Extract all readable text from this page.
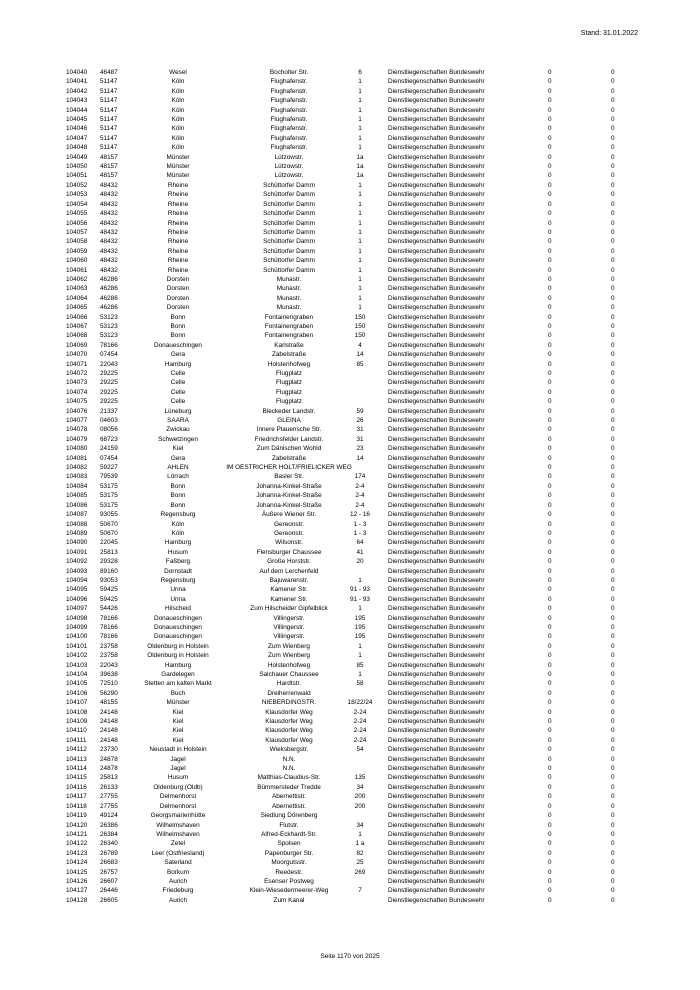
Stand: 31.01.2022
104040 46487	Wesel	Bocholter Str.	6	Dienstliegenschaften Bundeswehr	0	0
104041 51147	Köln	Flughafenstr.	1	Dienstliegenschaften Bundeswehr	0	0
104042 51147	Köln	Flughafenstr.	1	Dienstliegenschaften Bundeswehr	0	0
104043 51147	Köln	Flughafenstr.	1	Dienstliegenschaften Bundeswehr	0	0
104044 51147	Köln	Flughafenstr.	1	Dienstliegenschaften Bundeswehr	0	0
104045 51147	Köln	Flughafenstr.	1	Dienstliegenschaften Bundeswehr	0	0
104046 51147	Köln	Flughafenstr.	1	Dienstliegenschaften Bundeswehr	0	0
104047 51147	Köln	Flughafenstr.	1	Dienstliegenschaften Bundeswehr	0	0
104048 51147	Köln	Flughafenstr.	1	Dienstliegenschaften Bundeswehr	0	0
104049 48157	Münster	Lützowstr.	1a	Dienstliegenschaften Bundeswehr	0	0
104050 48157	Münster	Lützowstr.	1a	Dienstliegenschaften Bundeswehr	0	0
104051 48157	Münster	Lützowstr.	1a	Dienstliegenschaften Bundeswehr	0	0
104052 48432	Rheine	Schüttorfer Damm	1	Dienstliegenschaften Bundeswehr	0	0
104053 48432	Rheine	Schüttorfer Damm	1	Dienstliegenschaften Bundeswehr	0	0
104054 48432	Rheine	Schüttorfer Damm	1	Dienstliegenschaften Bundeswehr	0	0
104055 48432	Rheine	Schüttorfer Damm	1	Dienstliegenschaften Bundeswehr	0	0
104056 48432	Rheine	Schüttorfer Damm	1	Dienstliegenschaften Bundeswehr	0	0
104057 48432	Rheine	Schüttorfer Damm	1	Dienstliegenschaften Bundeswehr	0	0
104058 48432	Rheine	Schüttorfer Damm	1	Dienstliegenschaften Bundeswehr	0	0
104059 48432	Rheine	Schüttorfer Damm	1	Dienstliegenschaften Bundeswehr	0	0
104060 48432	Rheine	Schüttorfer Damm	1	Dienstliegenschaften Bundeswehr	0	0
104061 48432	Rheine	Schüttorfer Damm	1	Dienstliegenschaften Bundeswehr	0	0
104062 46286	Dorsten	Munastr.	1	Dienstliegenschaften Bundeswehr	0	0
104063 46286	Dorsten	Munastr.	1	Dienstliegenschaften Bundeswehr	0	0
104064 46286	Dorsten	Munastr.	1	Dienstliegenschaften Bundeswehr	0	0
104065 46286	Dorsten	Munastr.	1	Dienstliegenschaften Bundeswehr	0	0
104066 53123	Bonn	Fontainengraben	150	Dienstliegenschaften Bundeswehr	0	0
104067 53123	Bonn	Fontainengraben	150	Dienstliegenschaften Bundeswehr	0	0
104068 53123	Bonn	Fontainengraben	150	Dienstliegenschaften Bundeswehr	0	0
104069 78166	Donaueschingen	Karlstraße	4	Dienstliegenschaften Bundeswehr	0	0
104070 07454	Gera	Zabelstraße	14	Dienstliegenschaften Bundeswehr	0	0
104071 22043	Hamburg	Holstenhofweg	85	Dienstliegenschaften Bundeswehr	0	0
104072 29225	Celle	Flugplatz	Dienstliegenschaften Bundeswehr	0	0
104073 29225	Celle	Flugplatz	Dienstliegenschaften Bundeswehr	0	0
104074 29225	Celle	Flugplatz	Dienstliegenschaften Bundeswehr	0	0
104075 29225	Celle	Flugplatz	Dienstliegenschaften Bundeswehr	0	0
104076 21337	Lüneburg	Bleckeder Landstr.	59	Dienstliegenschaften Bundeswehr	0	0
104077 04603	SAARA	GLEINA	26	Dienstliegenschaften Bundeswehr	0	0
104078 08056	Zwickau	Innere Plauensche Str.	31	Dienstliegenschaften Bundeswehr	0	0
104079 68723	Schwetzingen	Friedrichsfelder Landstr.	31	Dienstliegenschaften Bundeswehr	0	0
104080 24159	Kiel	Zum Dänischen Wohld	23	Dienstliegenschaften Bundeswehr	0	0
104081 07454	Gera	Zabelstraße	14	Dienstliegenschaften Bundeswehr	0	0
104082 59227	AHLEN	IM OESTRICHER HOLT/FRIELICKER WEG	Dienstliegenschaften Bundeswehr	0	0
104083 79539	Lörrach	Basler Str.	174	Dienstliegenschaften Bundeswehr	0	0
104084 53175	Bonn	Johanna-Kinkel-Straße	2-4	Dienstliegenschaften Bundeswehr	0	0
104085 53175	Bonn	Johanna-Kinkel-Straße	2-4	Dienstliegenschaften Bundeswehr	0	0
104086 53175	Bonn	Johanna-Kinkel-Straße	2-4	Dienstliegenschaften Bundeswehr	0	0
104087 93055	Regensburg	Äußere Wiener Str.	12 - 16	Dienstliegenschaften Bundeswehr	0	0
104088 50670	Köln	Gereonstr.	1 - 3	Dienstliegenschaften Bundeswehr	0	0
104089 50670	Köln	Gereonstr.	1 - 3	Dienstliegenschaften Bundeswehr	0	0
104090 22045	Hamburg	Wilsonstr.	64	Dienstliegenschaften Bundeswehr	0	0
104091 25813	Husum	Flensburger Chaussee	41	Dienstliegenschaften Bundeswehr	0	0
104092 29328	Faßberg	Große Horststr.	20	Dienstliegenschaften Bundeswehr	0	0
104093 89160	Dornstadt	Auf dem Lerchenfeld	Dienstliegenschaften Bundeswehr	0	0
104094 93053	Regensburg	Bajuwarenstr.	1	Dienstliegenschaften Bundeswehr	0	0
104095 59425	Unna	Kamener Str.	91 - 93	Dienstliegenschaften Bundeswehr	0	0
104096 59425	Unna	Kamener Str.	91 - 93	Dienstliegenschaften Bundeswehr	0	0
104097 54426	Hilscheid	Zum Hilscheider Gipfelblick	1	Dienstliegenschaften Bundeswehr	0	0
104098 78166	Donaueschingen	Villingerstr.	195	Dienstliegenschaften Bundeswehr	0	0
104099 78166	Donaueschingen	Villingerstr.	195	Dienstliegenschaften Bundeswehr	0	0
104100 78166	Donaueschingen	Villingerstr.	195	Dienstliegenschaften Bundeswehr	0	0
104101 23758	Oldenburg in Holstein	Zum Wienberg	1	Dienstliegenschaften Bundeswehr	0	0
104102 23758	Oldenburg in Holstein	Zum Wienberg	1	Dienstliegenschaften Bundeswehr	0	0
104103 22043	Hamburg	Holstenhofweg	85	Dienstliegenschaften Bundeswehr	0	0
104104 39638	Gardelegen	Salchauer Chaussee	1	Dienstliegenschaften Bundeswehr	0	0
104105 72510	Stetten am kalten Markt	Hardtstr.	58	Dienstliegenschaften Bundeswehr	0	0
104106 56290	Buch	Dreiherrenwald	Dienstliegenschaften Bundeswehr	0	0
104107 48155	Münster	NIEBERDINGSTR.	18/22/24 Dienstliegenschaften Bundeswehr	0	0
104108 24148	Kiel	Klausdorfer Weg	2-24	Dienstliegenschaften Bundeswehr	0	0
104109 24148	Kiel	Klausdorfer Weg	2-24	Dienstliegenschaften Bundeswehr	0	0
104110 24148	Kiel	Klausdorfer Weg	2-24	Dienstliegenschaften Bundeswehr	0	0
104111 24148	Kiel	Klausdorfer Weg	2-24	Dienstliegenschaften Bundeswehr	0	0
104112 23730	Neustadt in Holstein	Wieksbergstr.	54	Dienstliegenschaften Bundeswehr	0	0
104113 24878	Jagel	N.N.	Dienstliegenschaften Bundeswehr	0	0
104114 24878	Jagel	N.N.	Dienstliegenschaften Bundeswehr	0	0
104115 25813	Husum	Matthias-Claudius-Str.	135	Dienstliegenschaften Bundeswehr	0	0
104116 26133	Oldenburg (Oldb)	Bümmersteder Tredde	34	Dienstliegenschaften Bundeswehr	0	0
104117 27755	Delmenhorst	Abernettistr.	200	Dienstliegenschaften Bundeswehr	0	0
104118 27755	Delmenhorst	Abernettistr.	200	Dienstliegenschaften Bundeswehr	0	0
104119 49124	Georgsmarienhütte	Siedlung Dörenberg	Dienstliegenschaften Bundeswehr	0	0
104120 26386	Wilhelmshaven	Flutstr.	34	Dienstliegenschaften Bundeswehr	0	0
104121 26384	Wilhelmshaven	Alfred-Eckhardt-Str.	1	Dienstliegenschaften Bundeswehr	0	0
104122 26340	Zetel	Spolsen	1 a	Dienstliegenschaften Bundeswehr	0	0
104123 26789	Leer (Ostfriesland)	Papenburger Str.	82	Dienstliegenschaften Bundeswehr	0	0
104124 26683	Saterland	Moorgutsstr.	25	Dienstliegenschaften Bundeswehr	0	0
104125 26757	Borkum	Reedestr.	269	Dienstliegenschaften Bundeswehr	0	0
104126 26607	Aurich	Esenser Postweg	Dienstliegenschaften Bundeswehr	0	0
104127 26446	Friedeburg	Klein-Wiesedermeerer-Weg	7	Dienstliegenschaften Bundeswehr	0	0
104128 26605	Aurich	Zum Kanal	Dienstliegenschaften Bundeswehr	0	0
Seite 1170 von 2025
